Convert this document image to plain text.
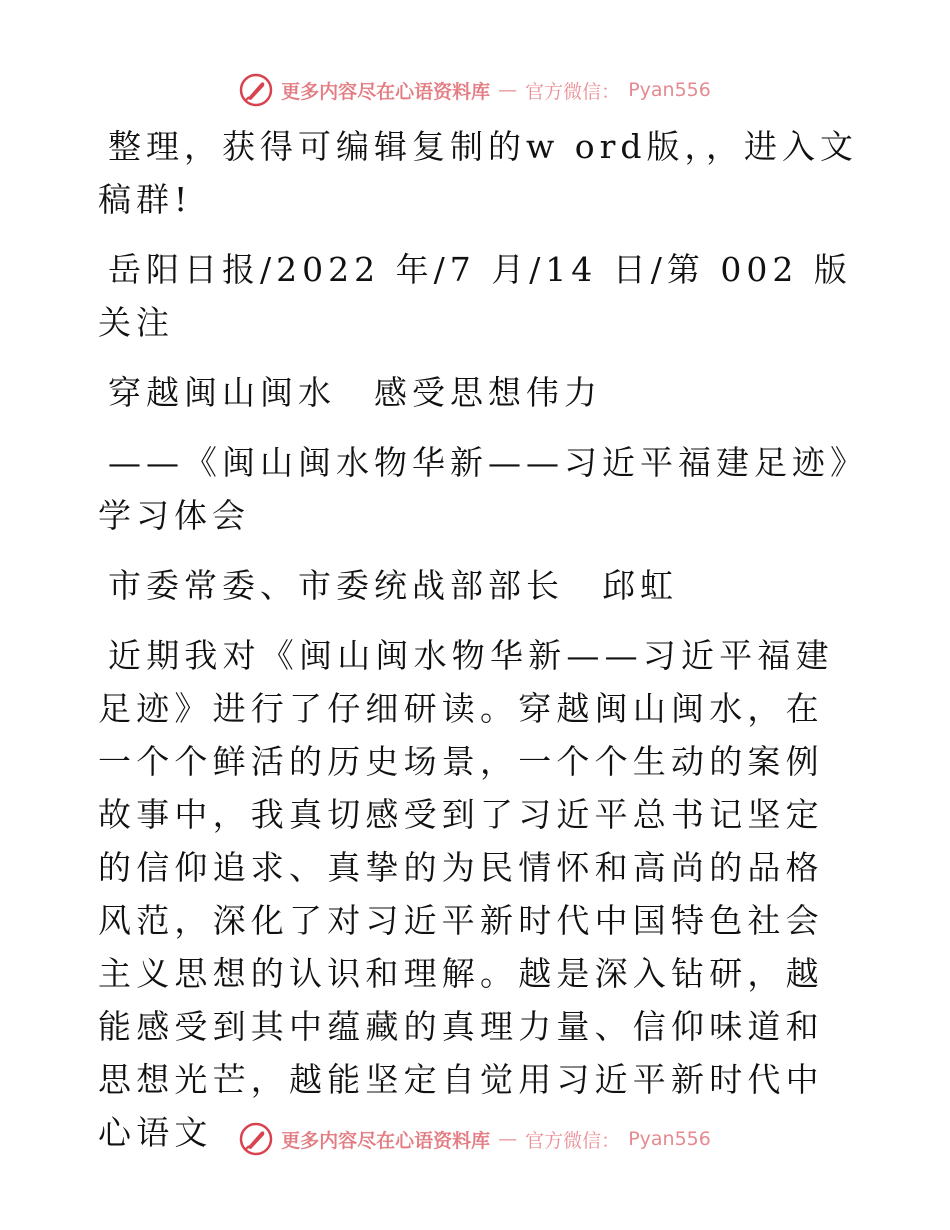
更多内容尽在心语资料库 — 官方微信： Pyan556

整理，获得可编辑复制的w ord版，，进入文稿群!

岳阳日报/2022 年/7 月/14 日/第 002 版关注

穿越闽山闽水　感受思想伟力

——《闽山闽水物华新——习近平福建足迹》学习体会

市委常委、市委统战部部长　邱虹

近期我对《闽山闽水物华新——习近平福建足迹》进行了仔细研读。穿越闽山闽水，在一个个鲜活的历史场景，一个个生动的案例故事中，我真切感受到了习近平总书记坚定的信仰追求、真挚的为民情怀和高尚的品格风范，深化了对习近平新时代中国特色社会主义思想的认识和理解。越是深入钻研，越能感受到其中蕴藏的真理力量、信仰味道和思想光芒，越能坚定自觉用习近平新时代中心语文	更多内容尽在心语资料库 — 官方微信： Pyan556
